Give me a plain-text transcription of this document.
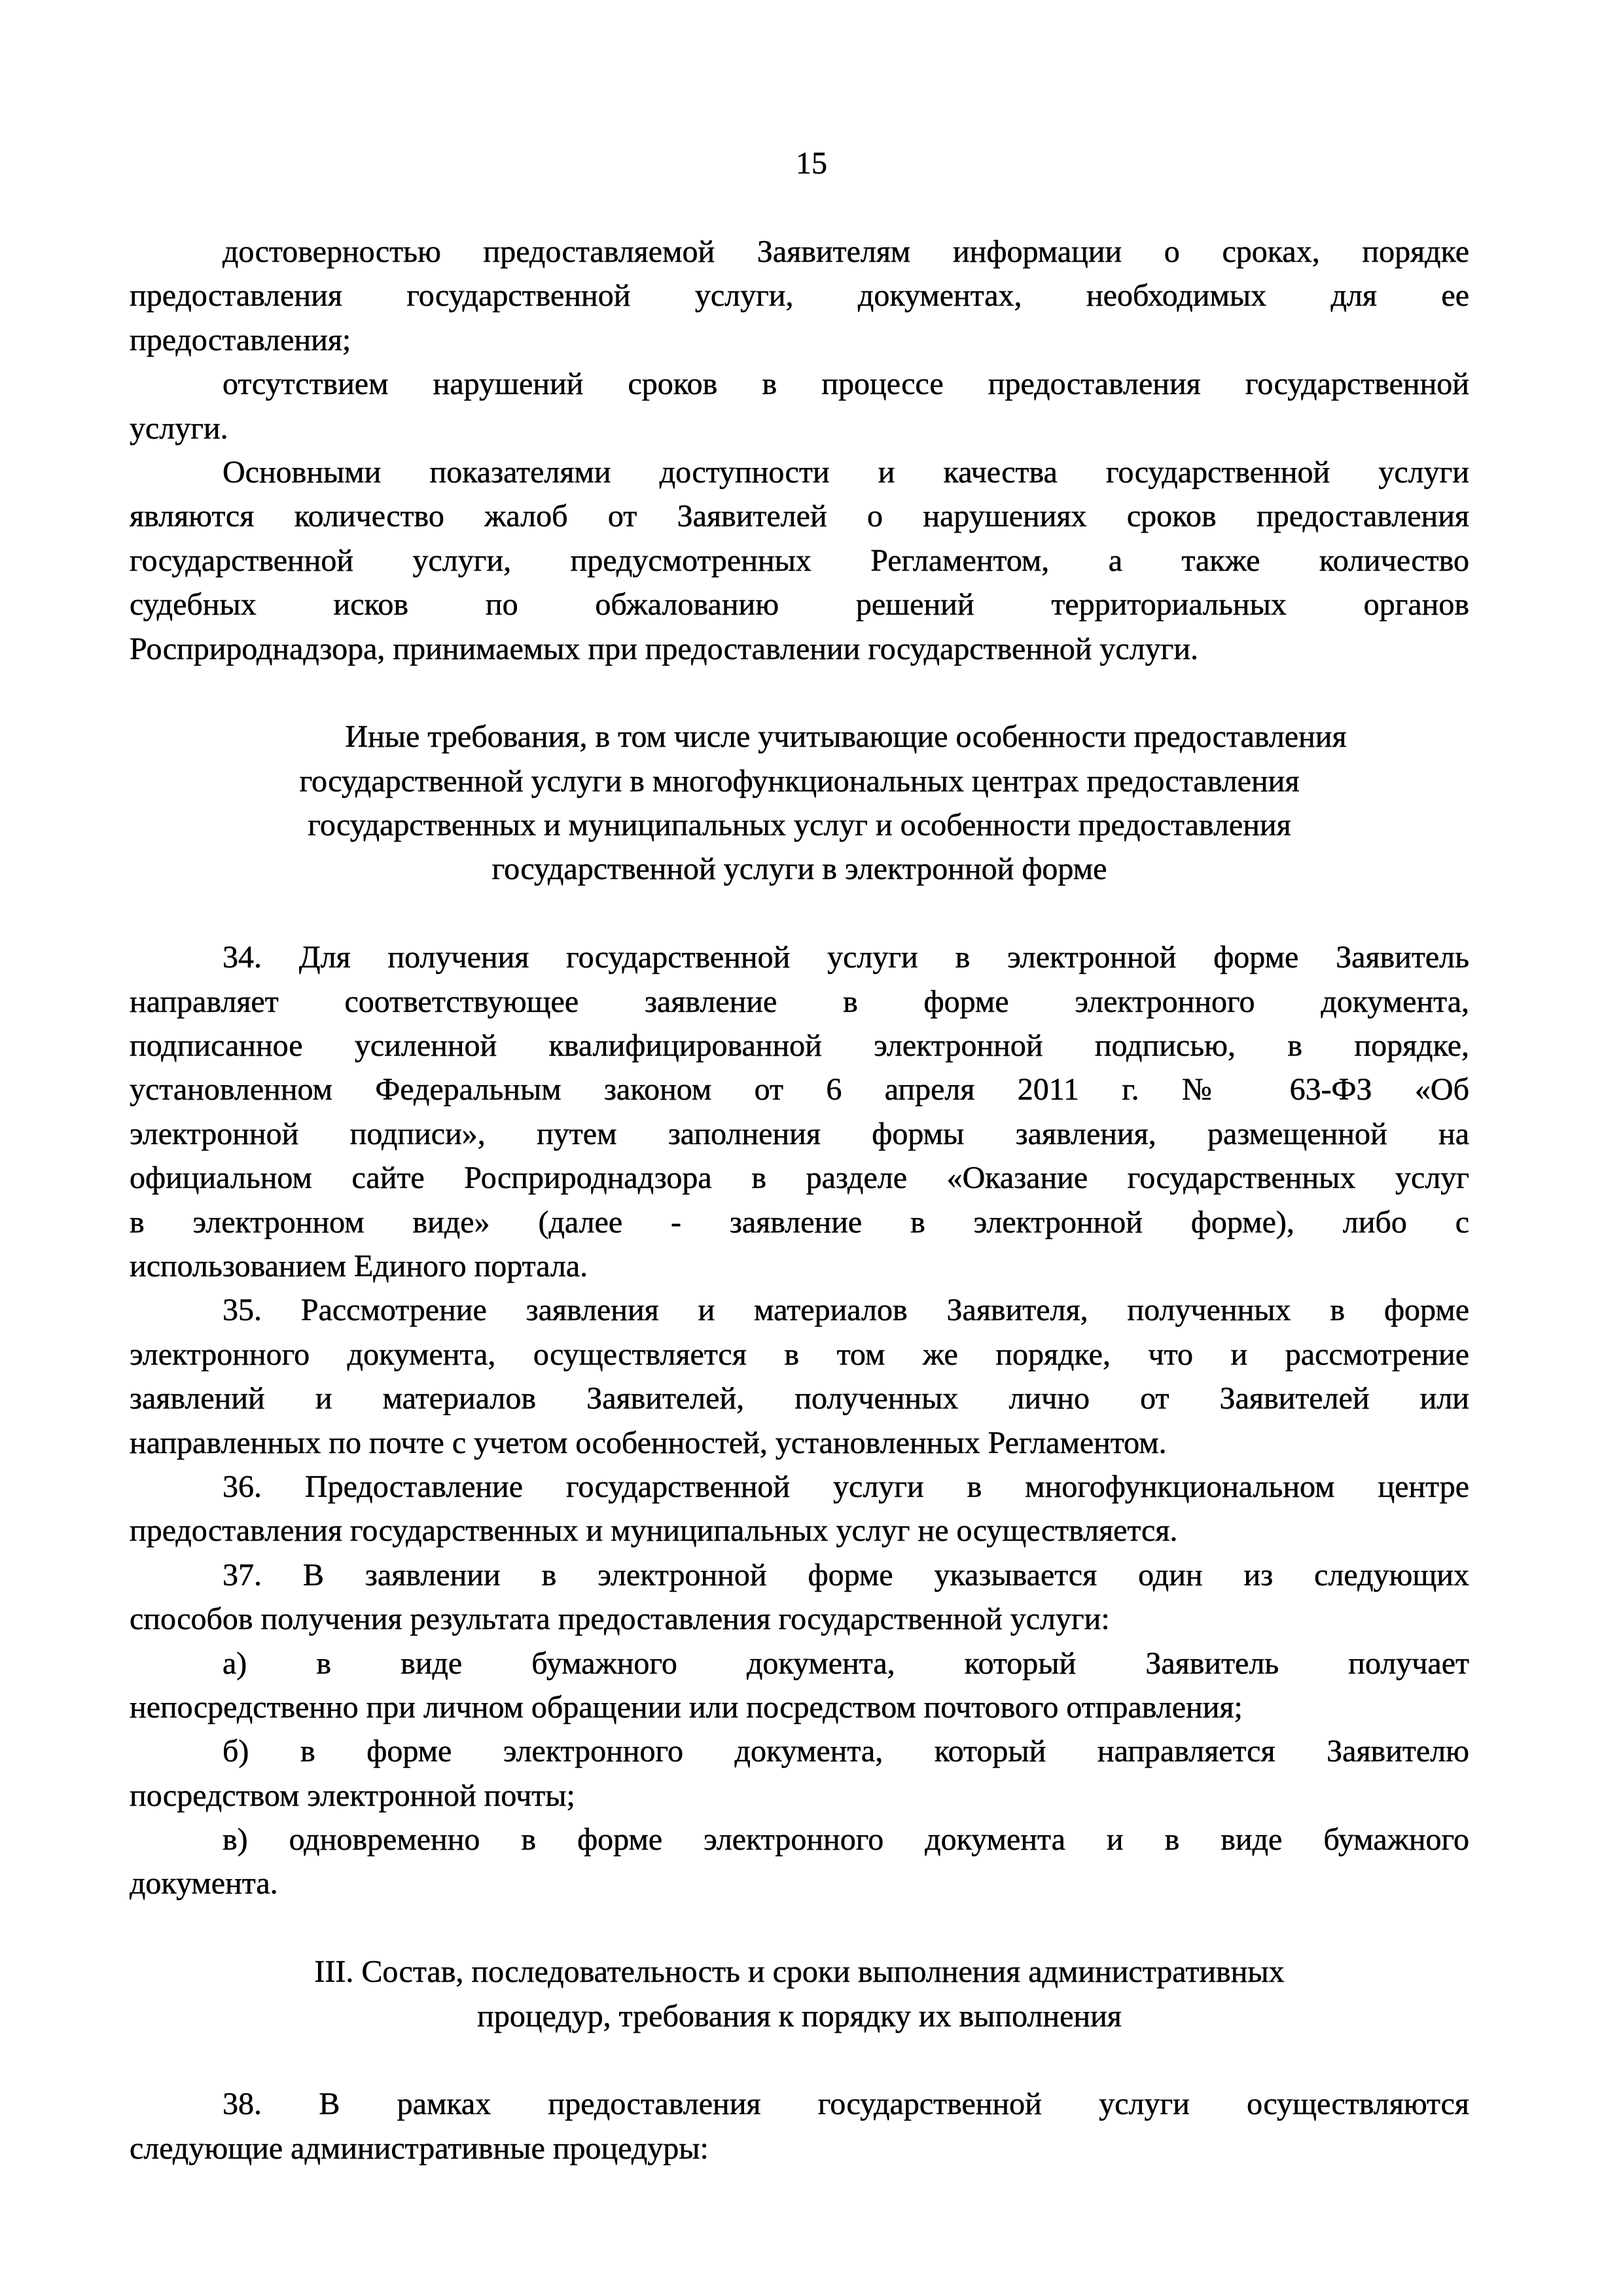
15
достоверностью предоставляемой Заявителям информации о сроках, порядке
предоставления государственной услуги, документах, необходимых для ее
предоставления;
отсутствием нарушений сроков в процессе предоставления государственной
услуги.
Основными показателями доступности и качества государственной услуги
являются количество жалоб от Заявителей о нарушениях сроков предоставления
государственной услуги, предусмотренных Регламентом, а также количество
судебных исков по обжалованию решений территориальных органов
Росприроднадзора, принимаемых при предоставлении государственной услуги.
Иные требования, в том числе учитывающие особенности предоставления
государственной услуги в многофункциональных центрах предоставления
государственных и муниципальных услуг и особенности предоставления
государственной услуги в электронной форме
34. Для получения государственной услуги в электронной форме Заявитель
направляет соответствующее заявление в форме электронного документа,
подписанное усиленной квалифицированной электронной подписью, в порядке,
установленном Федеральным законом от 6 апреля 2011 г. № 63-ФЗ «Об
электронной подписи», путем заполнения формы заявления, размещенной на
официальном сайте Росприроднадзора в разделе «Оказание государственных услуг
в электронном виде» (далее - заявление в электронной форме), либо с
использованием Единого портала.
35. Рассмотрение заявления и материалов Заявителя, полученных в форме
электронного документа, осуществляется в том же порядке, что и рассмотрение
заявлений и материалов Заявителей, полученных лично от Заявителей или
направленных по почте с учетом особенностей, установленных Регламентом.
36. Предоставление государственной услуги в многофункциональном центре
предоставления государственных и муниципальных услуг не осуществляется.
37. В заявлении в электронной форме указывается один из следующих
способов получения результата предоставления государственной услуги:
а) в виде бумажного документа, который Заявитель получает
непосредственно при личном обращении или посредством почтового отправления;
б) в форме электронного документа, который направляется Заявителю
посредством электронной почты;
в) одновременно в форме электронного документа и в виде бумажного
документа.
III. Состав, последовательность и сроки выполнения административных
процедур, требования к порядку их выполнения
38. В рамках предоставления государственной услуги осуществляются
следующие административные процедуры:
